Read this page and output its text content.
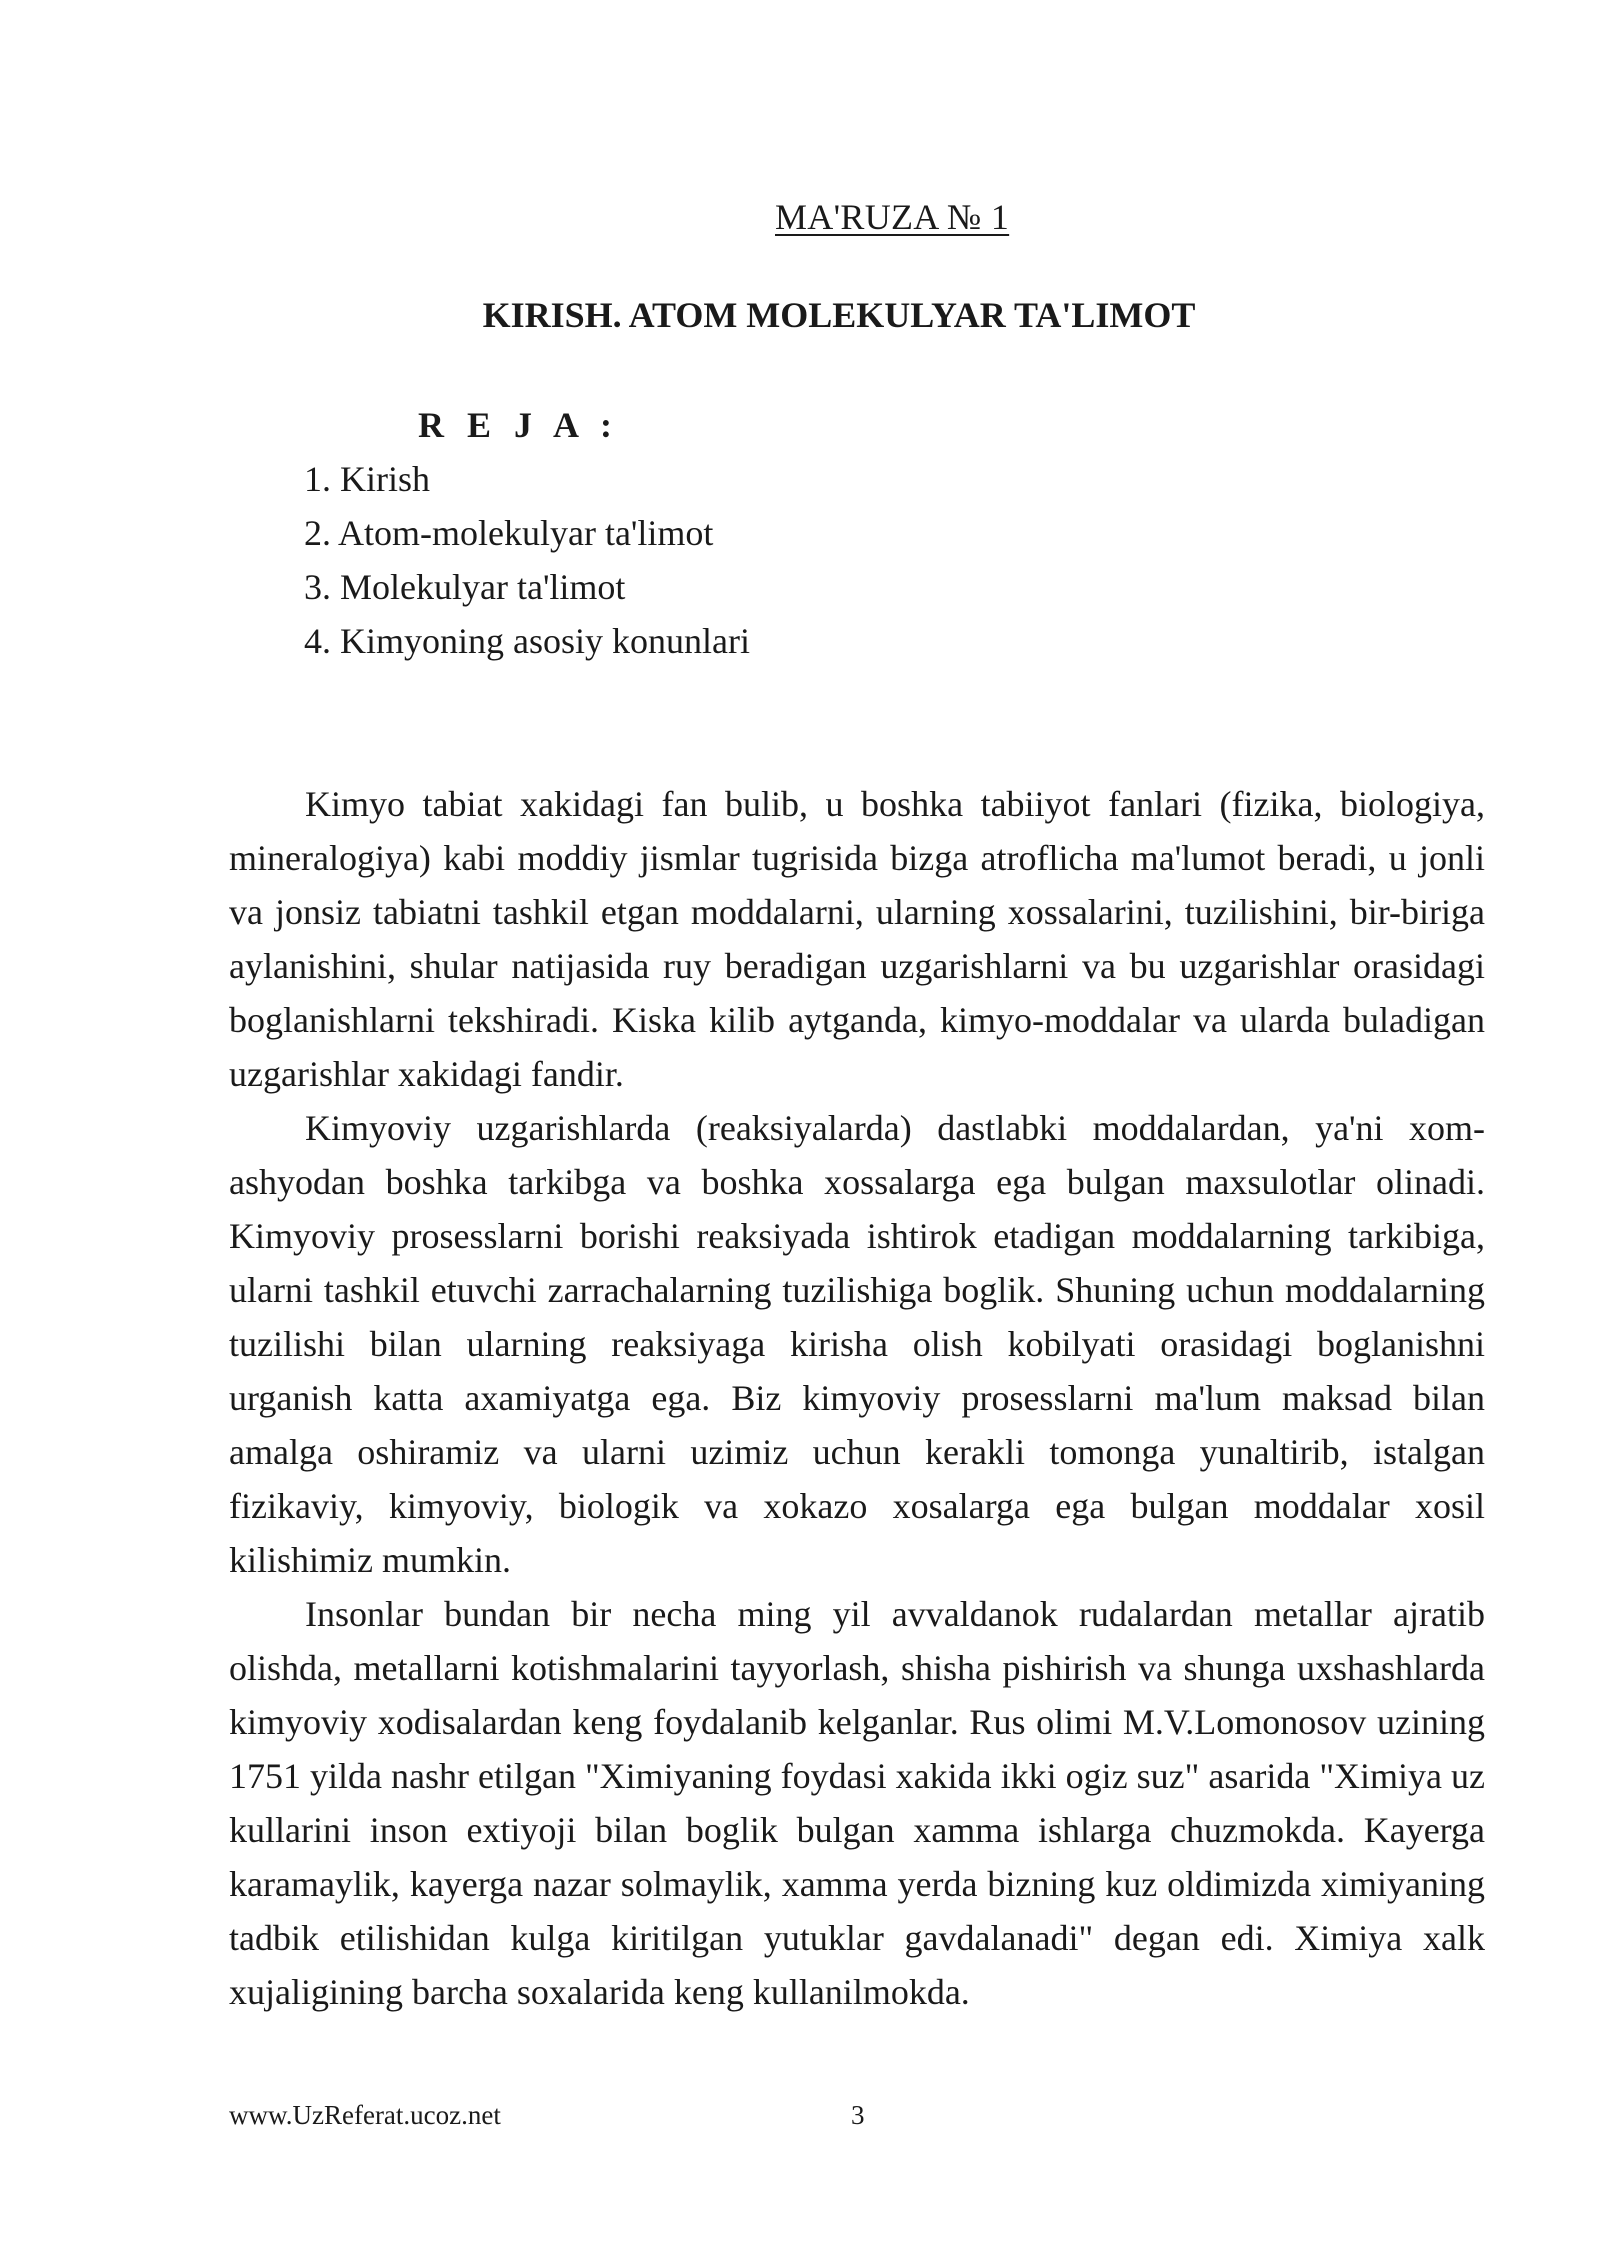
MA'RUZA № 1
KIRISH. ATOM MOLEKULYAR TA'LIMOT
R E J A :
1. Kirish
2. Atom-molekulyar ta'limot
3. Molekulyar ta'limot
4. Kimyoning asosiy konunlari

Kimyo tabiat xakidagi fan bulib, u boshka tabiiyot fanlari (fizika, biologiya, mineralogiya) kabi moddiy jismlar tugrisida bizga atroflicha ma'lumot beradi, u jonli va jonsiz tabiatni tashkil etgan moddalarni, ularning xossalarini, tuzilishini, bir-biriga aylanishini, shular natijasida ruy beradigan uzgarishlarni va bu uzgarishlar orasidagi boglanishlarni tekshiradi. Kiska kilib aytganda, kimyo-moddalar va ularda buladigan uzgarishlar xakidagi fandir.

Kimyoviy uzgarishlarda (reaksiyalarda) dastlabki moddalardan, ya'ni xom-ashyodan boshka tarkibga va boshka xossalarga ega bulgan maxsulotlar olinadi. Kimyoviy prosesslarni borishi reaksiyada ishtirok etadigan moddalarning tarkibiga, ularni tashkil etuvchi zarrachalarning tuzilishiga boglik. Shuning uchun moddalarning tuzilishi bilan ularning reaksiyaga kirisha olish kobilyati orasidagi boglanishni urganish katta axamiyatga ega. Biz kimyoviy prosesslarni ma'lum maksad bilan amalga oshiramiz va ularni uzimiz uchun kerakli tomonga yunaltirib, istalgan fizikaviy, kimyoviy, biologik va xokazo xosalarga ega bulgan moddalar xosil kilishimiz mumkin.

Insonlar bundan bir necha ming yil avvaldanok rudalardan metallar ajratib olishda, metallarni kotishmalarini tayyorlash, shisha pishirish va shunga uxshashlarda kimyoviy xodisalardan keng foydalanib kelganlar. Rus olimi M.V.Lomonosov uzining 1751 yilda nashr etilgan "Ximiyaning foydasi xakida ikki ogiz suz" asarida "Ximiya uz kullarini inson extiyoji bilan boglik bulgan xamma ishlarga chuzmokda. Kayerga karamaylik, kayerga nazar solmaylik, xamma yerda bizning kuz oldimizda ximiyaning tadbik etilishidan kulga kiritilgan yutuklar gavdalanadi" degan edi. Ximiya xalk xujaligining barcha soxalarida keng kullanilmokda.

www.UzReferat.ucoz.net	3
